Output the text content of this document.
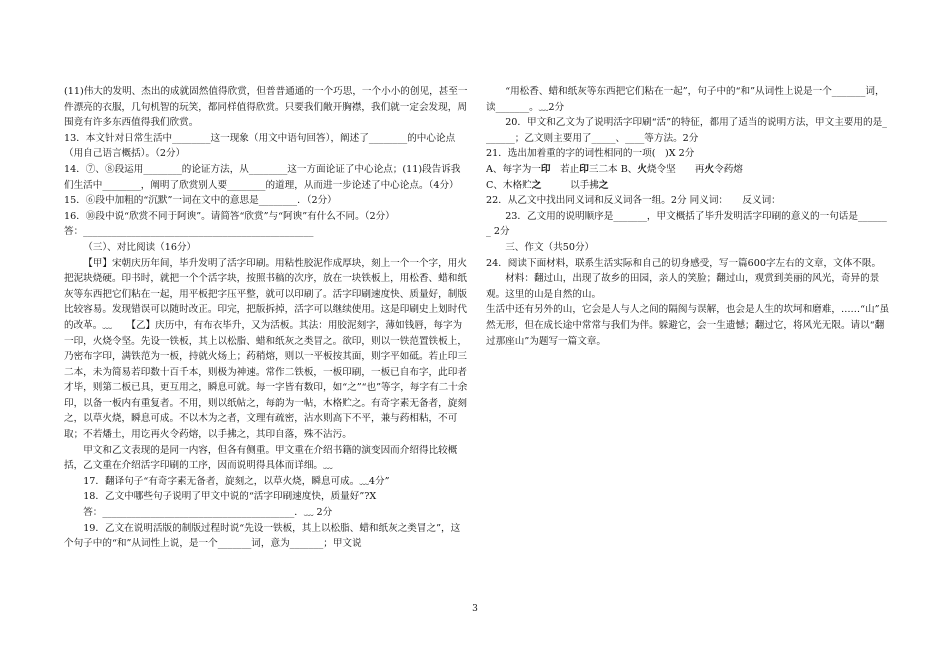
(11)伟大的发明、杰出的成就固然值得欣赏，但普普通通的一个巧思，一个小小的创见，甚至一件漂亮的衣服，几句机智的玩笑，都同样值得欣赏。只要我们敞开胸襟，我们就一定会发现，周围竟有许多东西值得我们欣赏。

13．本文针对日常生活中________这一现象（用文中语句回答），阐述了________的中心论点（用自己语言概括）。（2分）

14．⑦、⑧段运用________的论证方法，从________这一方面论证了中心论点；(11)段告诉我们生活中________，阐明了欣赏别人要________的道理，从而进一步论述了中心论点。（4分）

15．⑥段中加粗的“沉默”一词在文中的意思是________．（2分）

16．⑩段中说“欣赏不同于阿谀”。请简答“欣赏”与“阿谀”有什么不同。（2分）

答：________________________________________________

（三）、对比阅读（16分）

【甲】宋朝庆历年间，毕升发明了活字印刷。用粘性胶泥作成厚块，刻上一个一个字，用火把泥块烧硬。印书时，就把一个个活字块，按照书稿的次序，放在一块铁板上，用松香、蜡和纸灰等东西把它们粘在一起，用平板把字压平整，就可以印刷了。活字印刷速度快、质量好，制版比较容易。发现错误可以随时改正。印完，把版拆掉，活字可以继续使用。这是印刷史上划时代的改革。﹏　　【乙】庆历中，有布衣毕升，又为活板。其法：用胶泥刻字，薄如钱唇，每字为一印，火烧令坚。先设一铁板，其上以松脂、蜡和纸灰之类冒之。欲印，则以一铁范置铁板上，乃密布字印，满铁范为一板，持就火炀上；药稍熔，则以一平板按其面，则字平如砥。若止印三二本，未为简易若印数十百千本，则极为神速。常作二铁板，一板印刷，一板已自布字，此印者才毕，则第二板已具，更互用之，瞬息可就。每一字皆有数印，如“之”“也”等字，每字有二十余印，以备一板内有重复者。不用，则以纸帖之，每韵为一帖，木格贮之。有奇字素无备者，旋刻之，以草火烧，瞬息可成。不以木为之者，文理有疏密，沾水则高下不平，兼与药相粘，不可取；不若燔土，用讫再火令药熔，以手拂之，其印自落，殊不沾污。

甲文和乙文表现的是同一内容，但各有侧重。甲文重在介绍书籍的演变因而介绍得比较概括，乙文重在介绍活字印刷的工序，因而说明得具体而详细。﹏

17．翻译句子“有奇字素无备者，旋刻之，以草火烧，瞬息可成。﹏4分”

18．乙文中哪些句子说明了甲文中说的“活字印刷速度快，质量好”?Ⅹ

答：________________________________________．﹏ 2分

19．乙文在说明活版的制版过程时说“先设一铁板，其上以松脂、蜡和纸灰之类冒之”，这个句子中的“和”从词性上说，是一个_______词，意为_______；甲文说

“用松香、蜡和纸灰等东西把它们粘在一起”，句子中的“和”从词性上说是一个_______词，读_______。﹏2分

20．甲文和乙文为了说明活字印刷“活”的特征，都用了适当的说明方法，甲文主要用的是_______；乙文则主要用了_____、____等方法。2分

21．选出加着重的字的词性相同的一项(　)Ⅹ 2分

A、每字为一印　若止印三二本 B、火烧令坚　　再火令药熔

C、木格贮之　　　以手拂之

22．从乙文中找出同义词和反义词各一组。2分 同义词：　　反义词：

23．乙文用的说明顺序是_______，甲文概括了毕升发明活字印刷的意义的一句话是_______ 2分

三、作文（共50分）

24．阅读下面材料，联系生活实际和自己的切身感受，写一篇600字左右的文章，文体不限。

材料：翻过山，出现了故乡的田园，亲人的笑脸；翻过山，观赏到美丽的风光，奇异的景观。这里的山是自然的山。

生活中还有另外的山，它会是人与人之间的隔阂与误解，也会是人生的坎坷和磨难，……“山”虽然无形，但在成长途中常常与我们为伴。躲避它，会一生遗憾；翻过它，将风光无限。请以“翻过那座山”为题写一篇文章。

3
